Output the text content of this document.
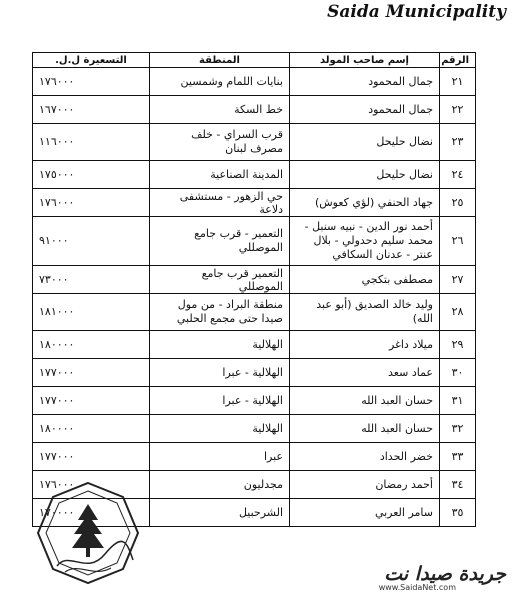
Saida Municipality
الرقم	إسم صاحب المولد	المنطقة	التسعيرة ل.ل.
٢١	جمال المحمود	بنايات اللمام وشمسين	١٧٦٠٠٠
٢٢	جمال المحمود	خط السكة	١٦٧٠٠٠
٢٣	نضال حليحل	قرب السراي - خلف مصرف لبنان	١١٦٠٠٠
٢٤	نضال حليحل	المدينة الصناعية	١٧٥٠٠٠
٢٥	جهاد الحنفي (لؤي كعوش)	حي الزهور - مستشفى دلاعة	١٧٦٠٠٠
٢٦	أحمد نور الدين - نبيه سنبل - محمد سليم دحدولي - بلال عنتر - عدنان السكافي	التعمير - قرب جامع الموصللي	٩١٠٠٠
٢٧	مصطفى بتكجي	التعمير قرب جامع الموصللي	٧٣٠٠٠
٢٨	وليد خالد الصديق (أبو عبد الله)	منطقة البراد - من مول صيدا حتى مجمع الحلبي	١٨١٠٠٠
٢٩	ميلاد داغر	الهلالية	١٨٠٠٠٠
٣٠	عماد سعد	الهلالية - عبرا	١٧٧٠٠٠
٣١	حسان العبد الله	الهلالية - عبرا	١٧٧٠٠٠
٣٢	حسان العبد الله	الهلالية	١٨٠٠٠٠
٣٣	خضر الحداد	عبرا	١٧٧٠٠٠
٣٤	أحمد رمضان	مجدليون	١٧٦٠٠٠
٣٥	سامر العربي	الشرحبيل	١٧٠٠٠٠
جريدة صيدا نت
www.SaidaNet.com
